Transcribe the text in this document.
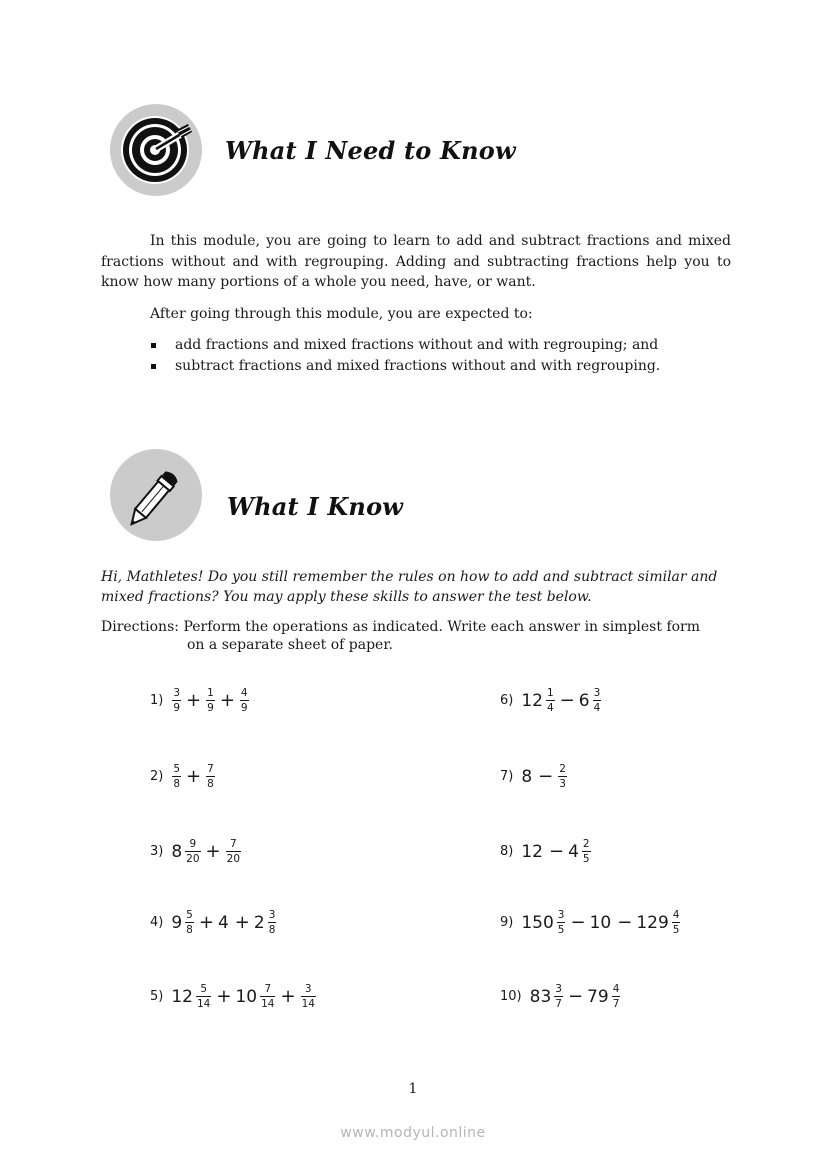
What I Need to Know
In this module, you are going to learn to add and subtract fractions and mixed fractions without and with regrouping. Adding and subtracting fractions help you to know how many portions of a whole you need, have, or want.
After going through this module, you are expected to:
add fractions and mixed fractions without and with regrouping; and
subtract fractions and mixed fractions without and with regrouping.
What I Know
Hi, Mathletes! Do you still remember the rules on how to add and subtract similar and mixed fractions? You may apply these skills to answer the test below.
Directions: Perform the operations as indicated. Write each answer in simplest form
on a separate sheet of paper.
$1) \frac{3}{9} + \frac{1}{9} + \frac{4}{9}$
$2) \frac{5}{8} + \frac{7}{8}$
3) $8 \frac{9}{20} + \frac{7}{20}$
4) $9 \frac{5}{8} + 4 + 2 \frac{3}{8}$
5) $12 \frac{5}{14} + 10 \frac{7}{14} + \frac{3}{14}$
6) $12 \frac{1}{4} - 6 \frac{3}{4}$
7) $8 - \frac{2}{3}$
8) $12 - 4 \frac{2}{5}$
9) $150 \frac{3}{5} - 10 - 129 \frac{4}{5}$
10) $83 \frac{3}{7} - 79 \frac{4}{7}$
1
www.modyul.online
